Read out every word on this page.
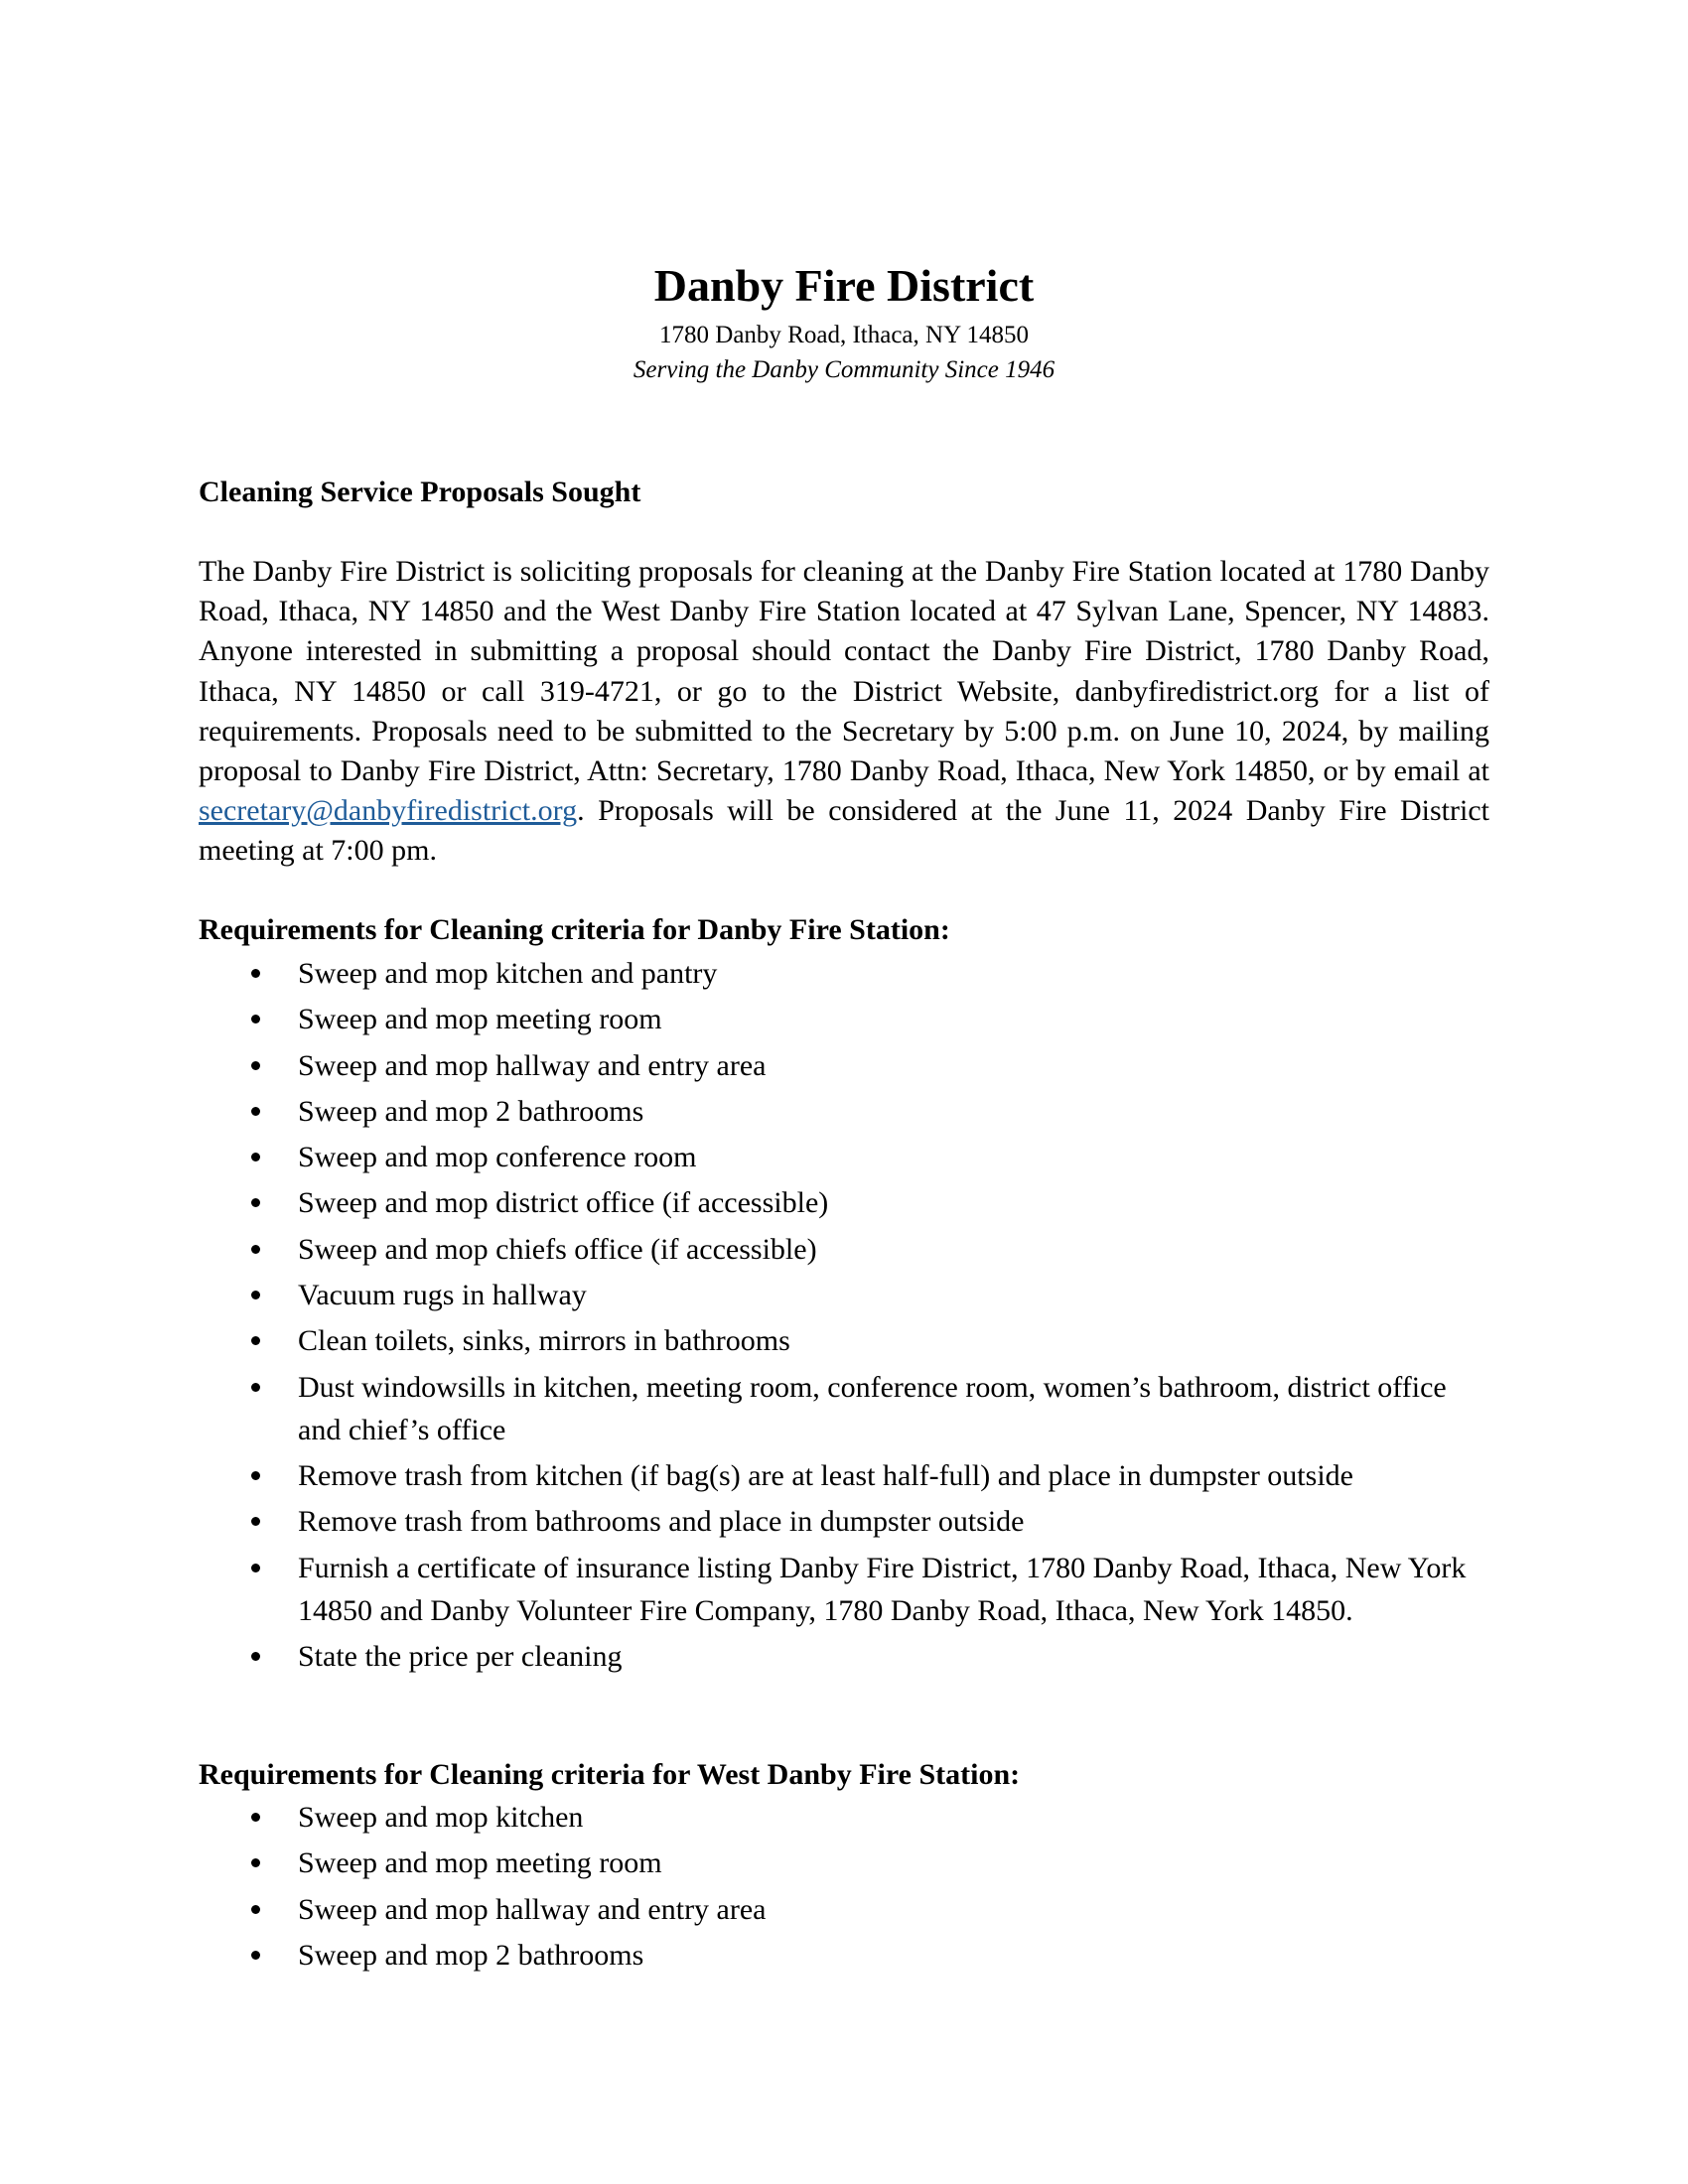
Danby Fire District
1780 Danby Road, Ithaca, NY 14850
Serving the Danby Community Since 1946
Cleaning Service Proposals Sought

The Danby Fire District is soliciting proposals for cleaning at the Danby Fire Station located at 1780 Danby Road, Ithaca, NY 14850 and the West Danby Fire Station located at 47 Sylvan Lane, Spencer, NY 14883. Anyone interested in submitting a proposal should contact the Danby Fire District, 1780 Danby Road, Ithaca, NY 14850 or call 319-4721, or go to the District Website, danbyfiredistrict.org for a list of requirements. Proposals need to be submitted to the Secretary by 5:00 p.m. on June 10, 2024, by mailing proposal to Danby Fire District, Attn: Secretary, 1780 Danby Road, Ithaca, New York 14850, or by email at secretary@danbyfiredistrict.org. Proposals will be considered at the June 11, 2024 Danby Fire District meeting at 7:00 pm.

Requirements for Cleaning criteria for Danby Fire Station:
Sweep and mop kitchen and pantry
Sweep and mop meeting room
Sweep and mop hallway and entry area
Sweep and mop 2 bathrooms
Sweep and mop conference room
Sweep and mop district office (if accessible)
Sweep and mop chiefs office (if accessible)
Vacuum rugs in hallway
Clean toilets, sinks, mirrors in bathrooms
Dust windowsills in kitchen, meeting room, conference room, women’s bathroom, district office and chief’s office
Remove trash from kitchen (if bag(s) are at least half-full) and place in dumpster outside
Remove trash from bathrooms and place in dumpster outside
Furnish a certificate of insurance listing Danby Fire District, 1780 Danby Road, Ithaca, New York 14850 and Danby Volunteer Fire Company, 1780 Danby Road, Ithaca, New York 14850.
State the price per cleaning
Requirements for Cleaning criteria for West Danby Fire Station:
Sweep and mop kitchen
Sweep and mop meeting room
Sweep and mop hallway and entry area
Sweep and mop 2 bathrooms
